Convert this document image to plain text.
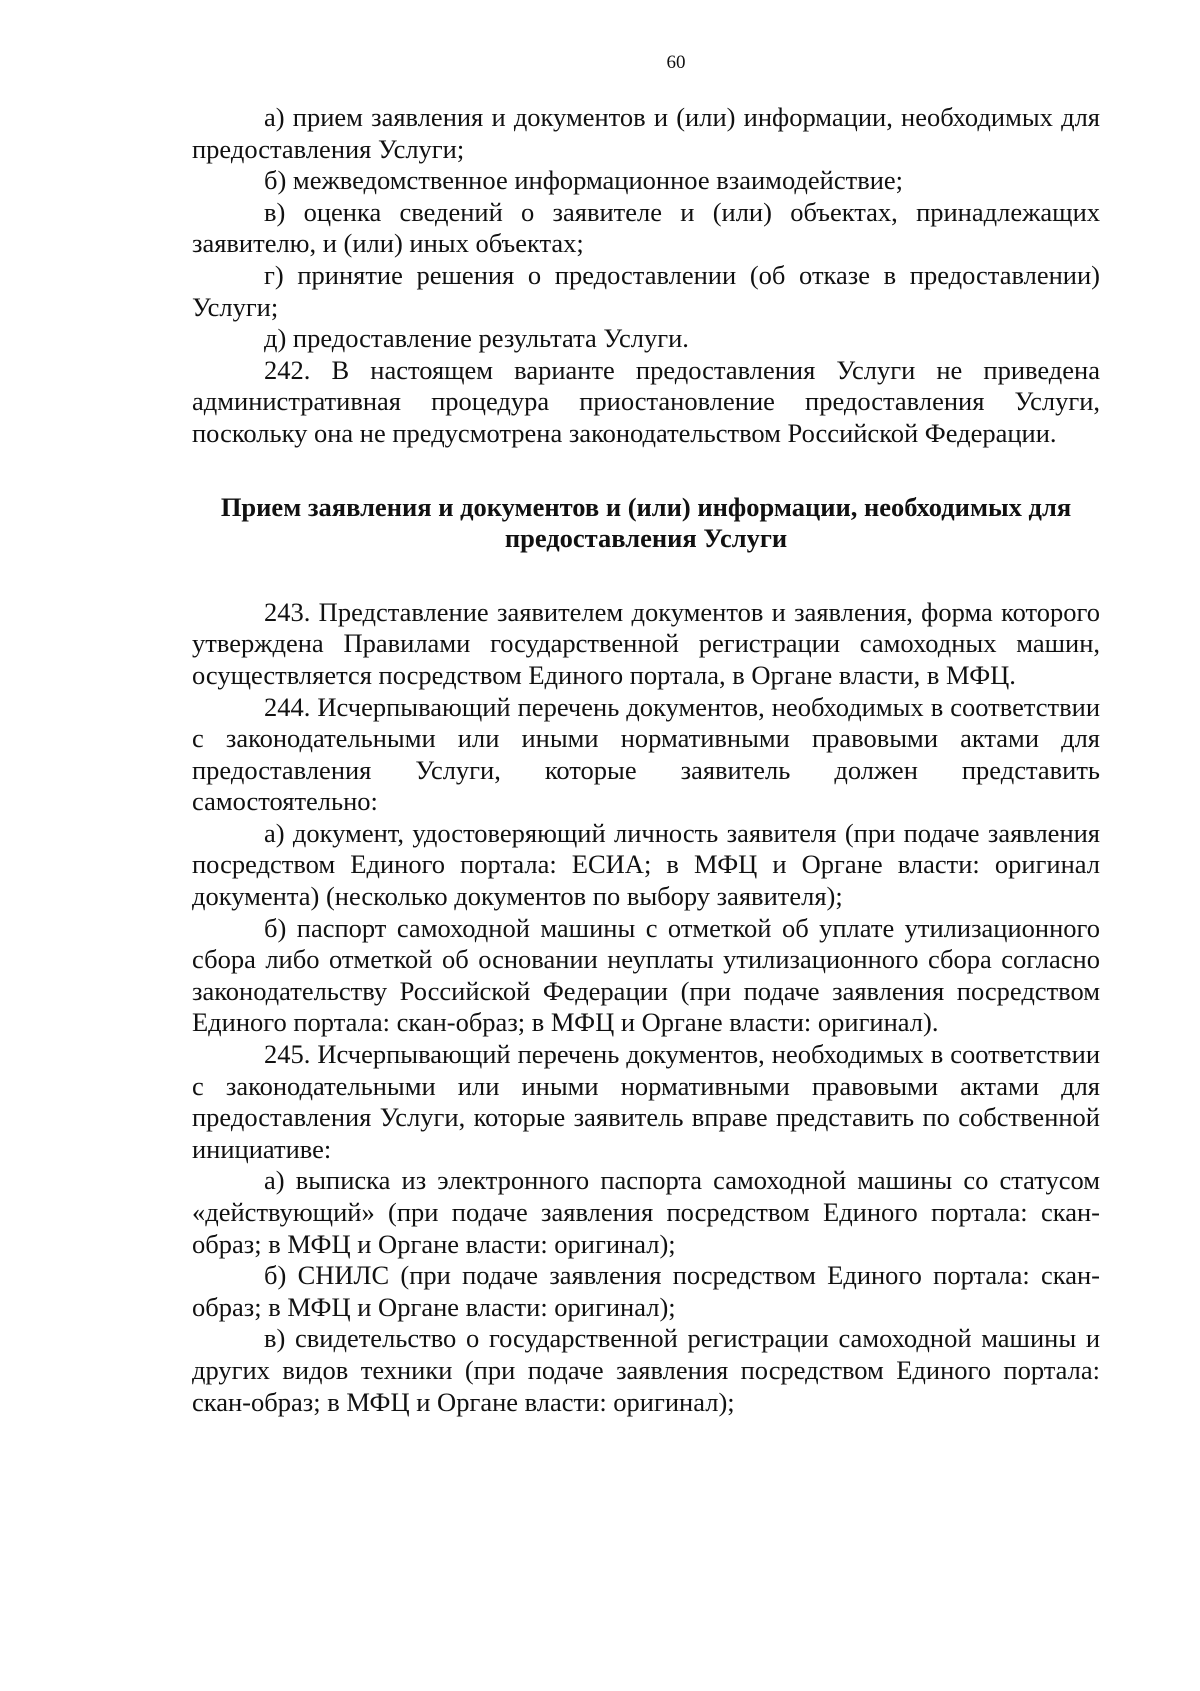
60

а) прием заявления и документов и (или) информации, необходимых для предоставления Услуги;

б) межведомственное информационное взаимодействие;

в) оценка сведений о заявителе и (или) объектах, принадлежащих заявителю, и (или) иных объектах;

г) принятие решения о предоставлении (об отказе в предоставлении) Услуги;

д) предоставление результата Услуги.

242. В настоящем варианте предоставления Услуги не приведена административная процедура приостановление предоставления Услуги, поскольку она не предусмотрена законодательством Российской Федерации.

Прием заявления и документов и (или) информации, необходимых для предоставления Услуги

243. Представление заявителем документов и заявления, форма которого утверждена Правилами государственной регистрации самоходных машин, осуществляется посредством Единого портала, в Органе власти, в МФЦ.

244. Исчерпывающий перечень документов, необходимых в соответствии с законодательными или иными нормативными правовыми актами для предоставления Услуги, которые заявитель должен представить самостоятельно:

а) документ, удостоверяющий личность заявителя (при подаче заявления посредством Единого портала: ЕСИА; в МФЦ и Органе власти: оригинал документа) (несколько документов по выбору заявителя);

б) паспорт самоходной машины с отметкой об уплате утилизационного сбора либо отметкой об основании неуплаты утилизационного сбора согласно законодательству Российской Федерации (при подаче заявления посредством Единого портала: скан-образ; в МФЦ и Органе власти: оригинал).

245. Исчерпывающий перечень документов, необходимых в соответствии с законодательными или иными нормативными правовыми актами для предоставления Услуги, которые заявитель вправе представить по собственной инициативе:

а) выписка из электронного паспорта самоходной машины со статусом «действующий» (при подаче заявления посредством Единого портала: скан-образ; в МФЦ и Органе власти: оригинал);

б) СНИЛС (при подаче заявления посредством Единого портала: скан-образ; в МФЦ и Органе власти: оригинал);

в) свидетельство о государственной регистрации самоходной машины и других видов техники (при подаче заявления посредством Единого портала: скан-образ; в МФЦ и Органе власти: оригинал);
